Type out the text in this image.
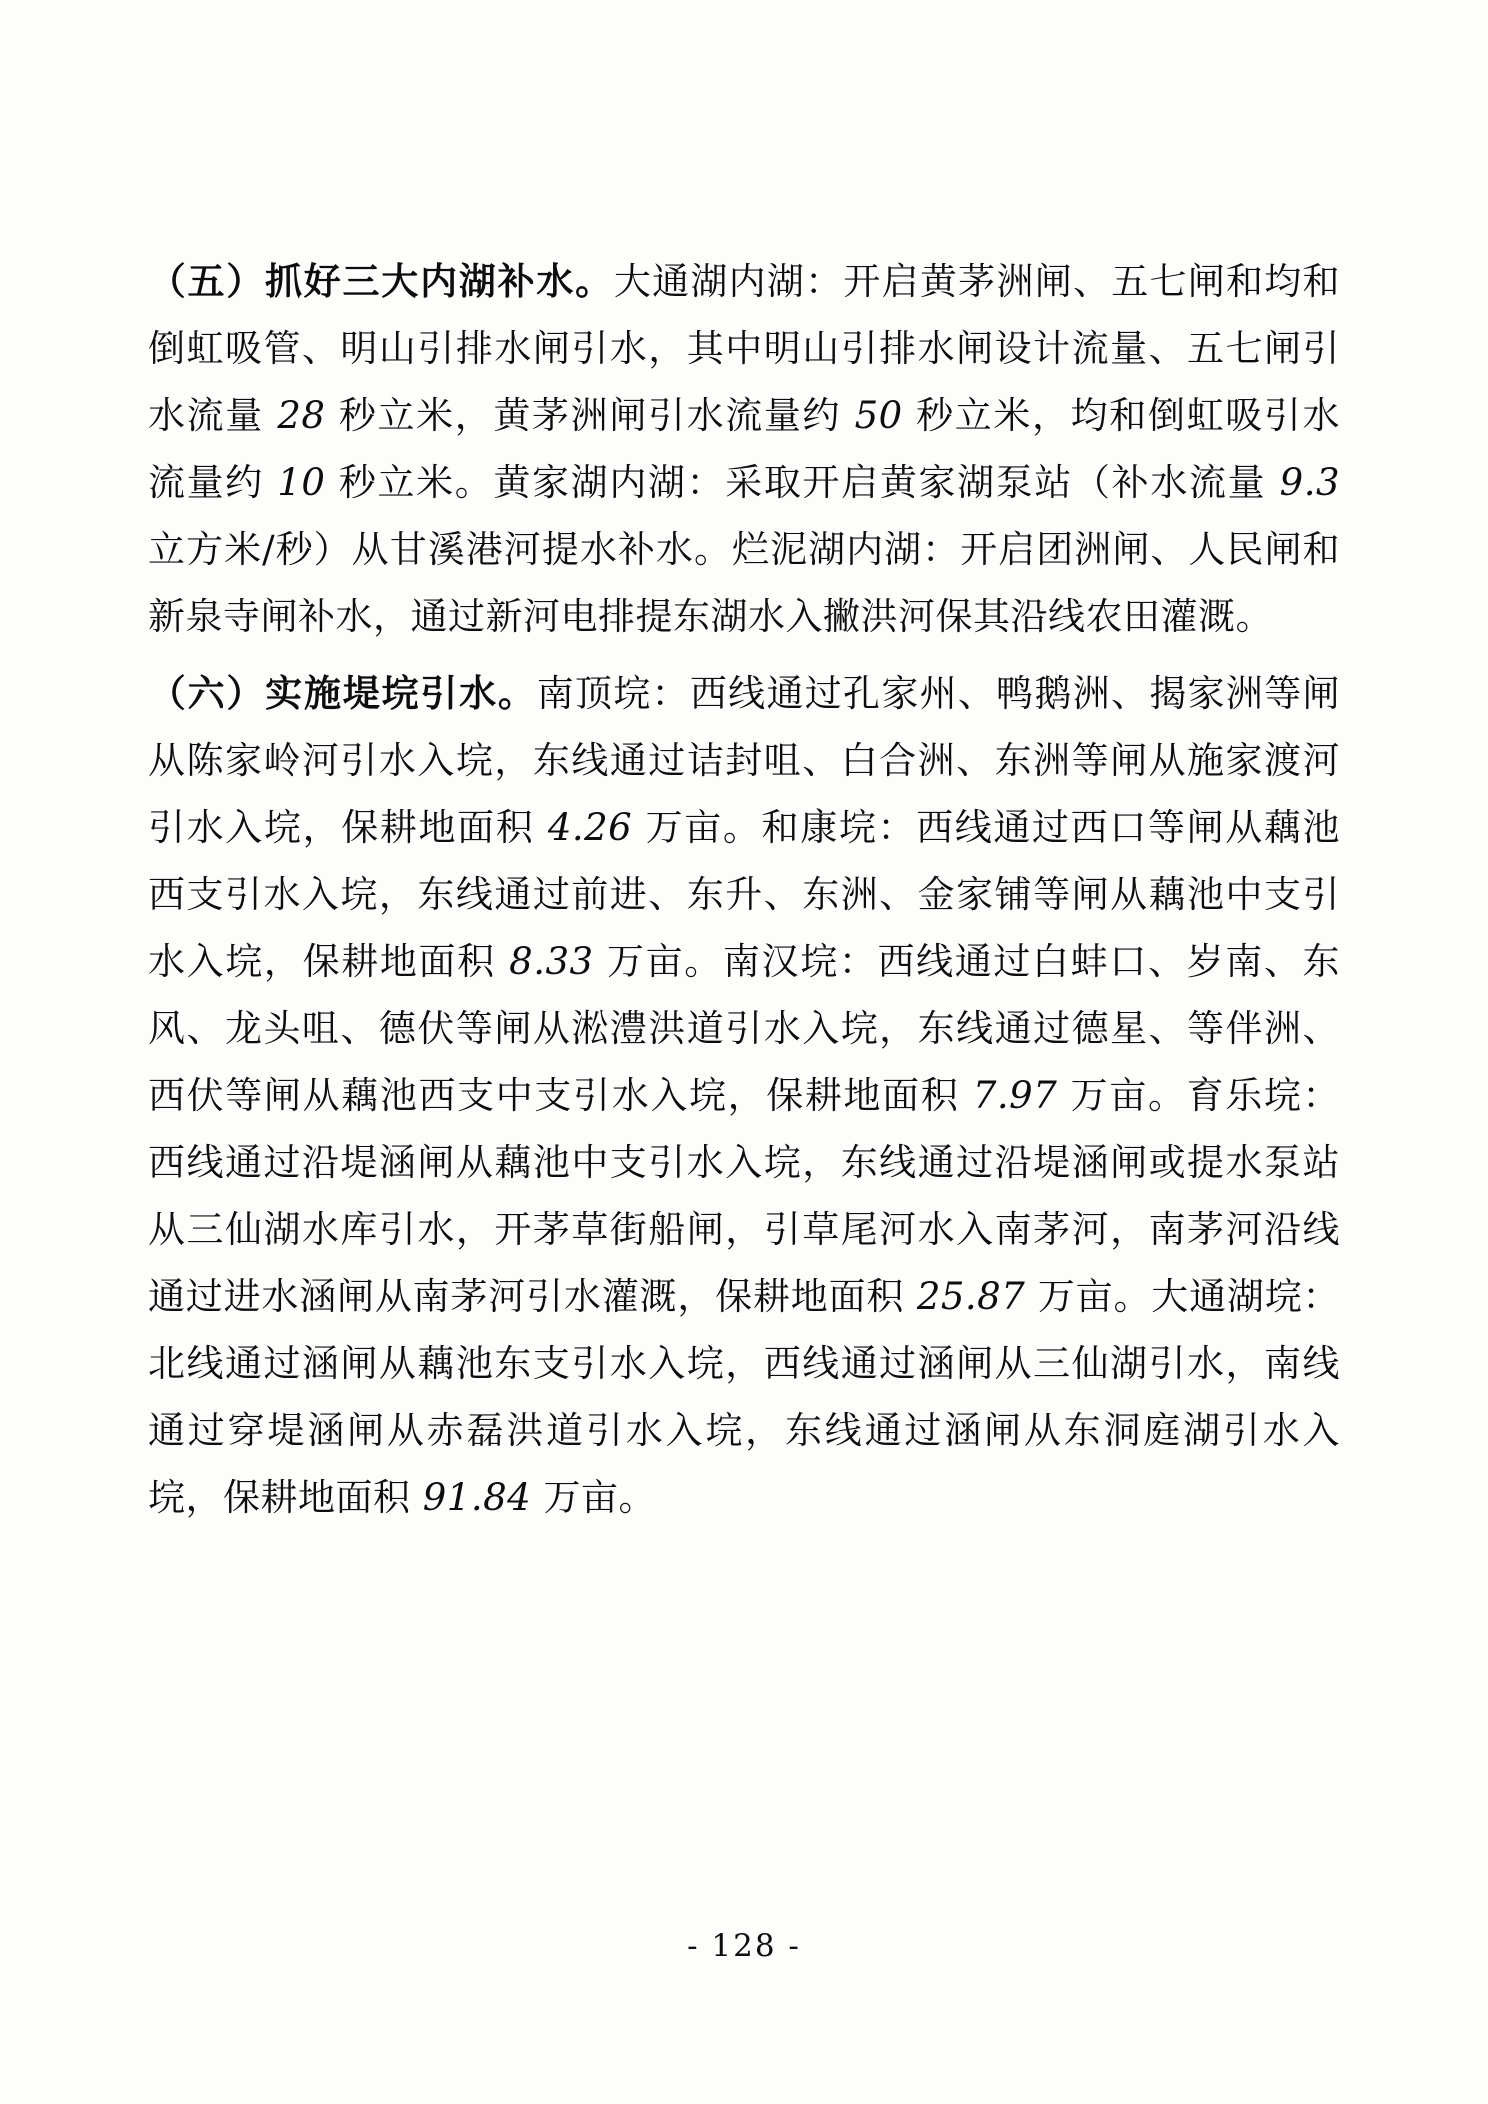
　　（五）抓好三大内湖补水。大通湖内湖：开启黄茅洲闸、五七闸和均和倒虹吸管、明山引排水闸引水，其中明山引排水闸设计流量、五七闸引水流量 28 秒立米，黄茅洲闸引水流量约 50 秒立米，均和倒虹吸引水流量约 10 秒立米。黄家湖内湖：采取开启黄家湖泵站（补水流量 9.3 立方米/秒）从甘溪港河提水补水。烂泥湖内湖：开启团洲闸、人民闸和新泉寺闸补水，通过新河电排提东湖水入撇洪河保其沿线农田灌溉。

　　（六）实施堤垸引水。南顶垸：西线通过孔家州、鸭鹅洲、揭家洲等闸从陈家岭河引水入垸，东线通过诘封咀、白合洲、东洲等闸从施家渡河引水入垸，保耕地面积 4.26 万亩。和康垸：西线通过西口等闸从藕池西支引水入垸，东线通过前进、东升、东洲、金家铺等闸从藕池中支引水入垸，保耕地面积 8.33 万亩。南汉垸：西线通过白蚌口、岁南、东风、龙头咀、德伏等闸从淞澧洪道引水入垸，东线通过德星、等伴洲、西伏等闸从藕池西支中支引水入垸，保耕地面积 7.97 万亩。育乐垸：西线通过沿堤涵闸从藕池中支引水入垸，东线通过沿堤涵闸或提水泵站从三仙湖水库引水，开茅草街船闸，引草尾河水入南茅河，南茅河沿线通过进水涵闸从南茅河引水灌溉，保耕地面积 25.87 万亩。大通湖垸：北线通过涵闸从藕池东支引水入垸，西线通过涵闸从三仙湖引水，南线通过穿堤涵闸从赤磊洪道引水入垸，东线通过涵闸从东洞庭湖引水入垸，保耕地面积 91.84 万亩。

- 128 -
